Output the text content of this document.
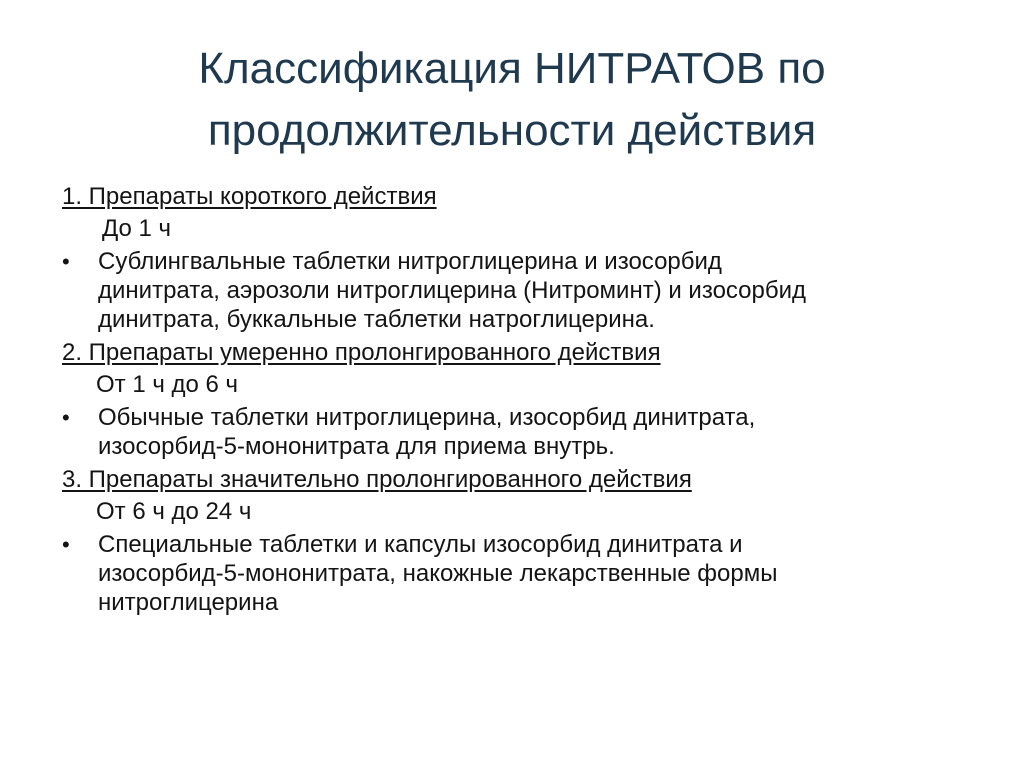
Классификация НИТРАТОВ по
продолжительности действия
1. Препараты короткого действия
До 1 ч
•	Сублингвальные таблетки нитроглицерина и изосорбид
динитрата, аэрозоли нитроглицерина (Нитроминт) и изосорбид
динитрата, буккальные таблетки натроглицерина.
2. Препараты умеренно пролонгированного действия
От 1 ч до 6 ч
•	Обычные таблетки нитроглицерина, изосорбид динитрата,
изосорбид-5-мононитрата для приема внутрь.
3. Препараты значительно пролонгированного действия
От 6 ч до 24 ч
•	Специальные таблетки и капсулы изосорбид динитрата и
изосорбид-5-мононитрата, накожные лекарственные формы
нитроглицерина
